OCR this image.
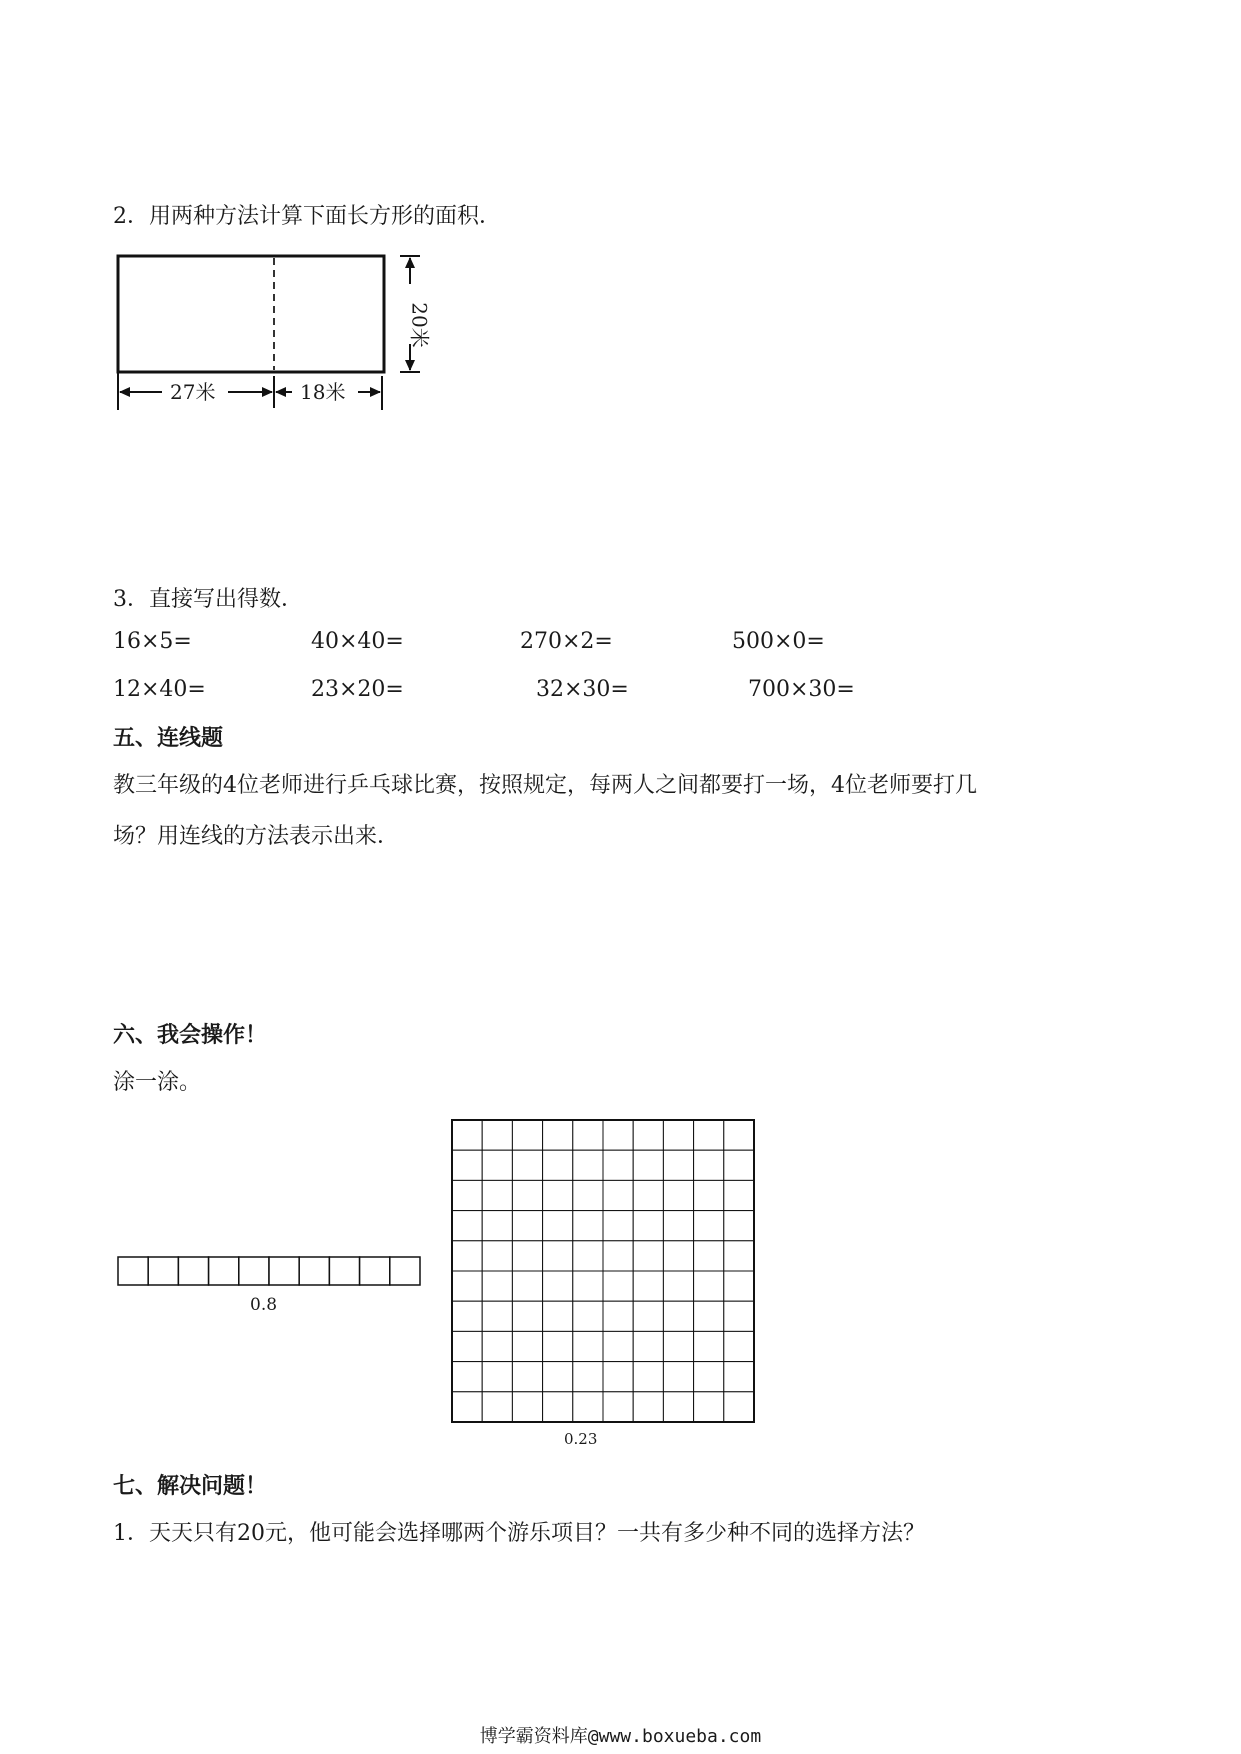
2．用两种方法计算下面长方形的面积．
20米
27米	18米
3．直接写出得数．
16×5=	40×40=	270×2=	500×0=
12×40=	23×20=	32×30=	700×30=
五、连线题
教三年级的4位老师进行乒乓球比赛，按照规定，每两人之间都要打一场，4位老师要打几
场？用连线的方法表示出来．
六、我会操作！
涂一涂。
0.8
0.23
七、解决问题！
1．天天只有20元，他可能会选择哪两个游乐项目？一共有多少种不同的选择方法？
博学霸资料库@www.boxueba.com
